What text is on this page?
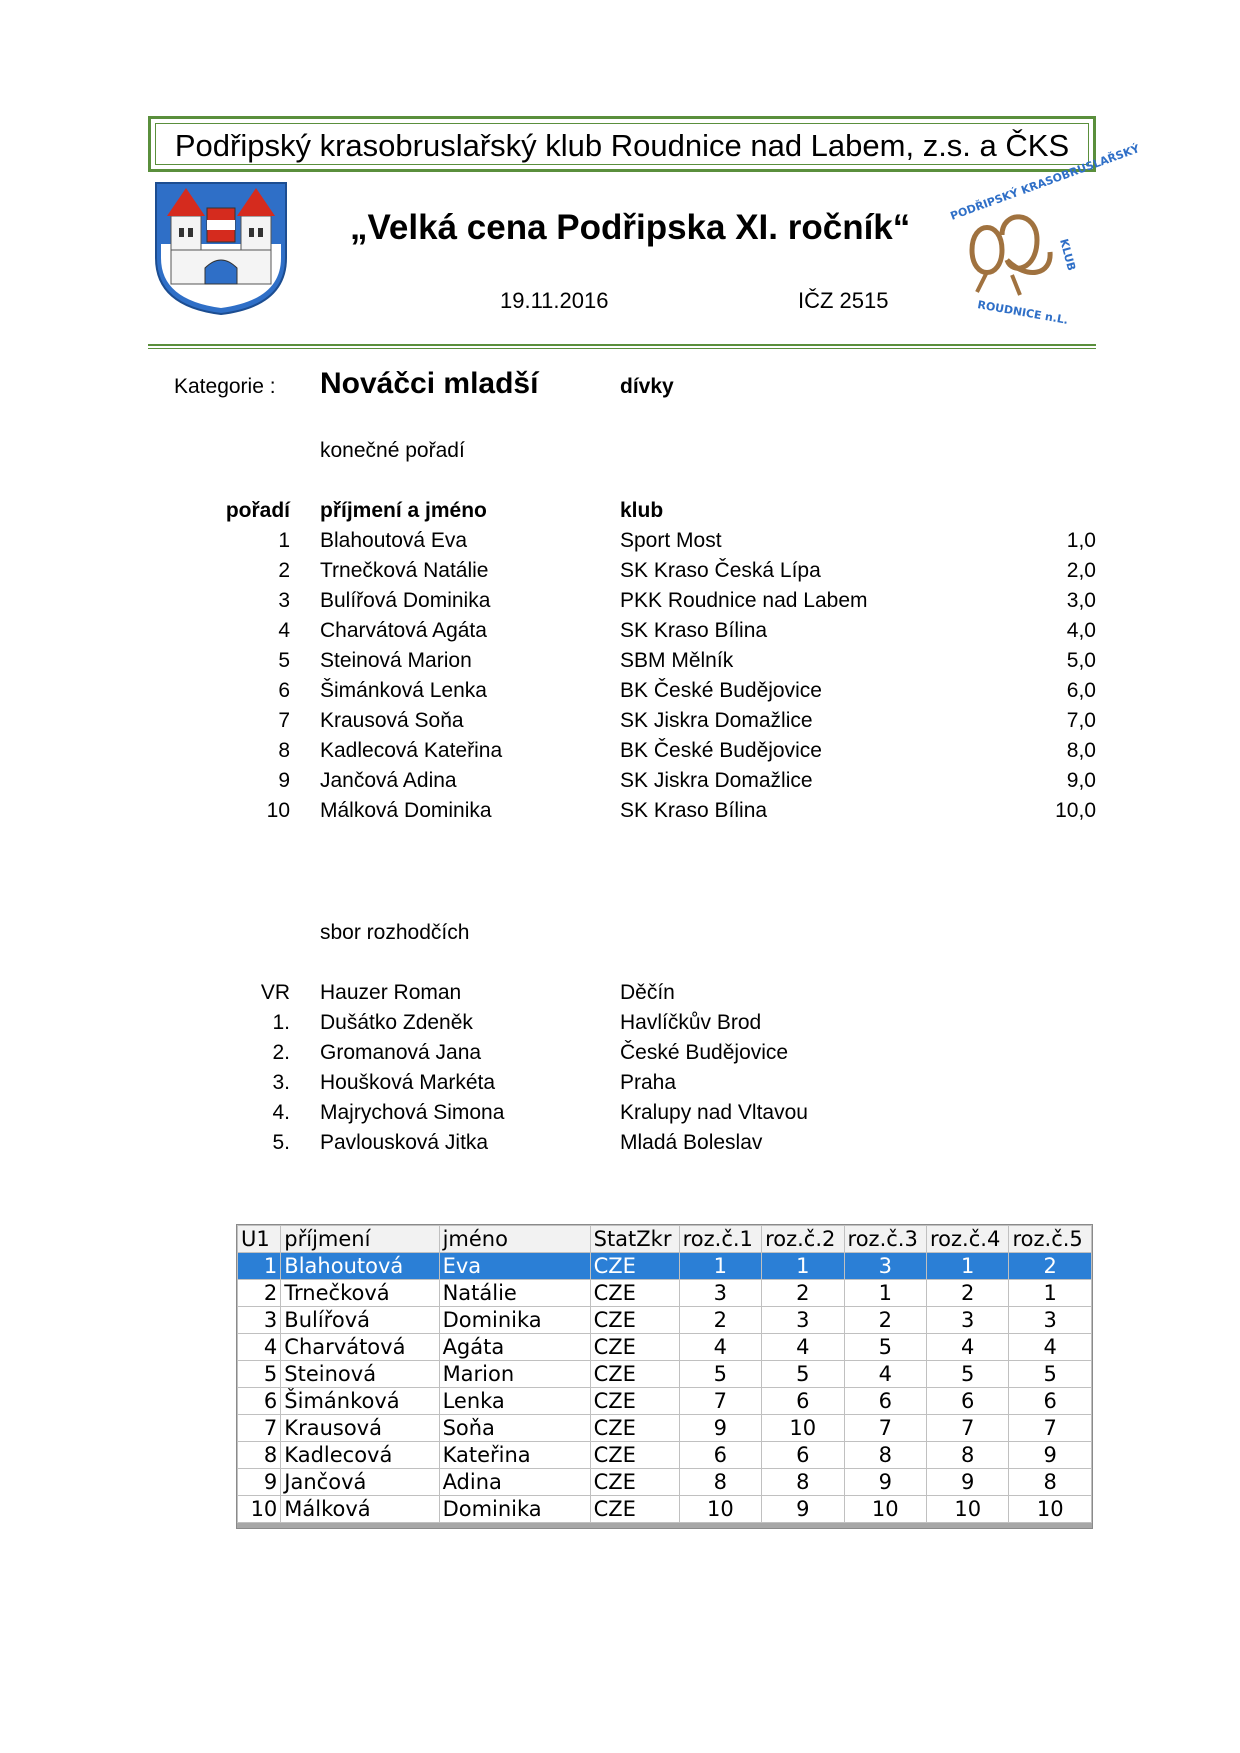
Podřipský krasobruslařský klub Roudnice nad Labem, z.s. a ČKS
PODŘIPSKÝ KRASOBRUSLAŘSKÝ
KLUB
ROUDNICE n.L.
„Velká cena Podřipska XI. ročník“
19.11.2016	IČZ 2515
Kategorie : Nováčci mladší	dívky
konečné pořadí
pořadí příjmení a jméno	klub
1 Blahoutová Eva	Sport Most	1,0
2 Trnečková Natálie	SK Kraso Česká Lípa	2,0
3 Bulířová Dominika	PKK Roudnice nad Labem	3,0
4 Charvátová Agáta	SK Kraso Bílina	4,0
5 Steinová Marion	SBM Mělník	5,0
6 Šimánková Lenka	BK České Budějovice	6,0
7 Krausová Soňa	SK Jiskra Domažlice	7,0
8 Kadlecová Kateřina	BK České Budějovice	8,0
9 Jančová Adina	SK Jiskra Domažlice	9,0
10 Málková Dominika	SK Kraso Bílina	10,0
VR Hauzer Roman	Děčín
1. Dušátko Zdeněk	Havlíčkův Brod
2. Gromanová Jana	České Budějovice
3. Houšková Markéta	Praha
4. Majrychová Simona	Kralupy nad Vltavou
5. Pavlousková Jitka	Mladá Boleslav
sbor rozhodčích
U1	příjmení	jméno	StatZkr	roz.č.1	roz.č.2	roz.č.3	roz.č.4	roz.č.5
1	Blahoutová	Eva	CZE	1	1	3	1	2
2	Trnečková	Natálie	CZE	3	2	1	2	1
3	Bulířová	Dominika	CZE	2	3	2	3	3
4	Charvátová	Agáta	CZE	4	4	5	4	4
5	Steinová	Marion	CZE	5	5	4	5	5
6	Šimánková	Lenka	CZE	7	6	6	6	6
7	Krausová	Soňa	CZE	9	10	7	7	7
8	Kadlecová	Kateřina	CZE	6	6	8	8	9
9	Jančová	Adina	CZE	8	8	9	9	8
10	Málková	Dominika	CZE	10	9	10	10	10
